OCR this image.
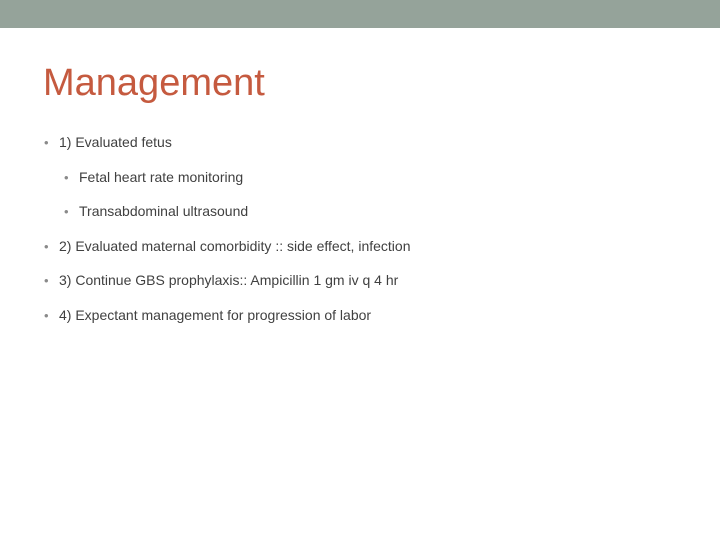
Management
• 1) Evaluated fetus
• Fetal heart rate monitoring
• Transabdominal ultrasound
• 2) Evaluated maternal comorbidity :: side effect, infection
• 3) Continue GBS prophylaxis:: Ampicillin 1 gm iv q 4 hr
• 4) Expectant management for progression of labor
